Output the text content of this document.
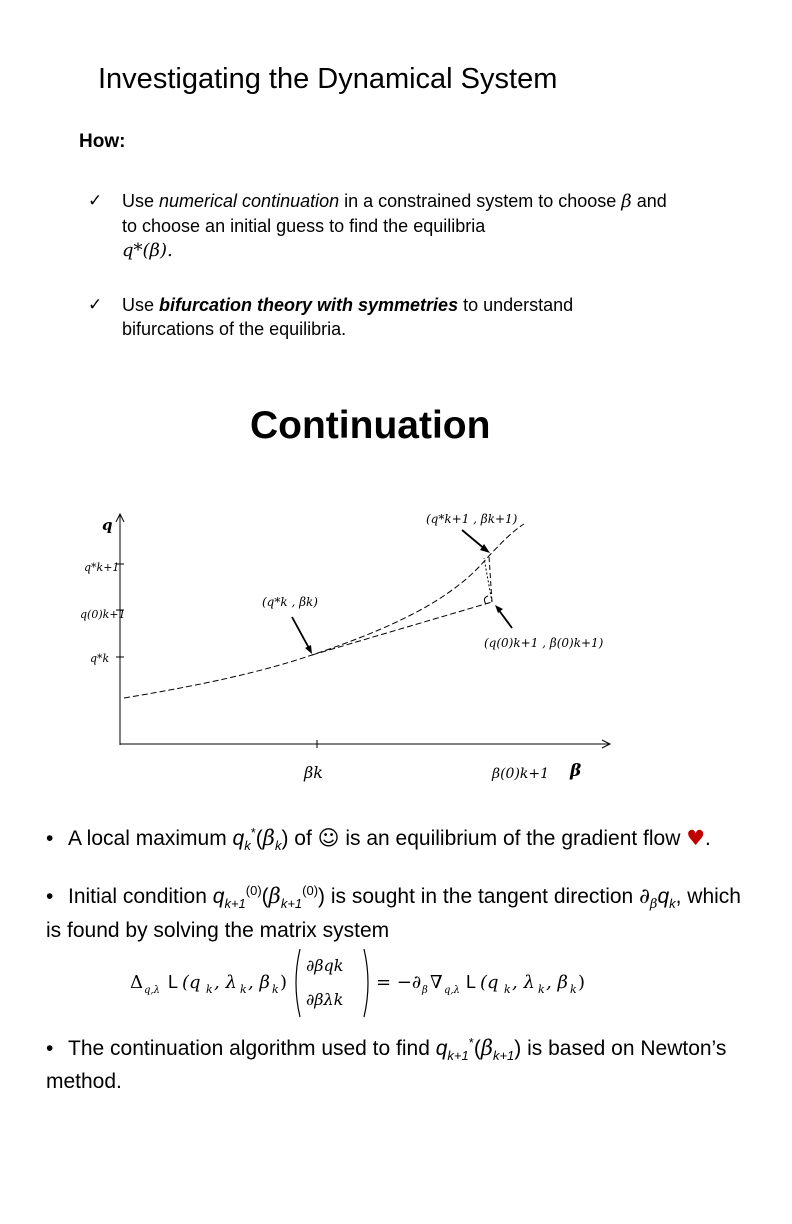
Investigating the Dynamical System
How:
✓ Use numerical continuation in a constrained system to choose β and to choose an initial guess to find the equilibria
q*(β).
✓ Use bifurcation theory with symmetries to understand bifurcations of the equilibria.
Continuation
q
β
q*k+1
q(0)k+1
q*k
βk	β(0)k+1
(q*k+1 , βk+1)
(q*k , βk)
(q(0)k+1 , β(0)k+1)
• A local maximum $q_k^*(\beta_k)$ of ☺ is an equilibrium of the gradient flow ♥.
• Initial condition $q_{k+1}^{(0)}(\beta_{k+1}^{(0)})$ is sought in the tangent direction $\partial_\beta q_k$, which is found by solving the matrix system
Δ q,λ L (q k , λ k , β k )
∂βqk
∂βλk
= −∂ β ∇ q,λ L (q k , λ k , β k )
• The continuation algorithm used to find $q_{k+1}^*(\beta_{k+1})$ is based on Newton’s method.
